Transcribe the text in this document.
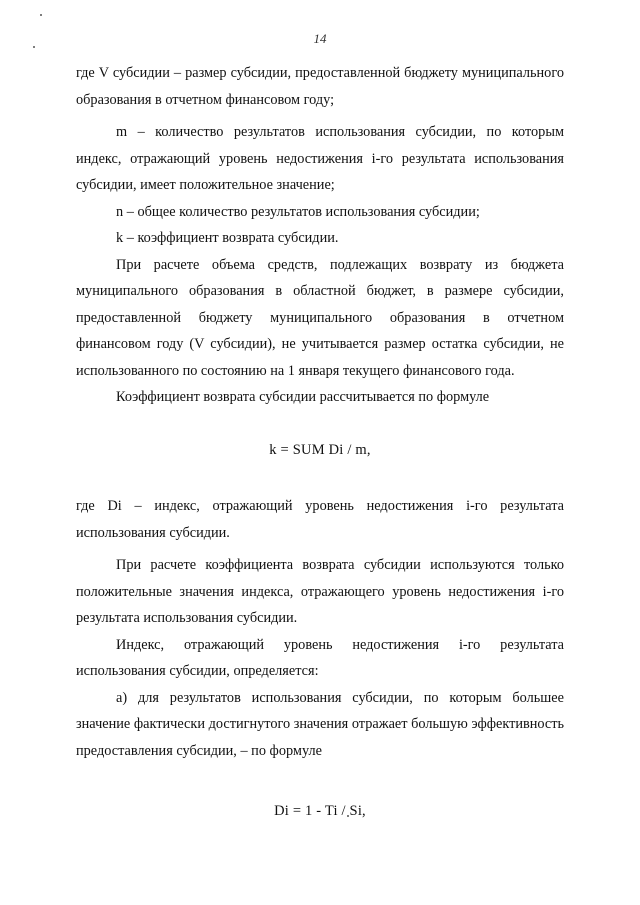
14

где V субсидии – размер субсидии, предоставленной бюджету муниципального образования в отчетном финансовом году;

m – количество результатов использования субсидии, по которым индекс, отражающий уровень недостижения i-го результата использования субсидии, имеет положительное значение;

n – общее количество результатов использования субсидии;

k – коэффициент возврата субсидии.

При расчете объема средств, подлежащих возврату из бюджета муниципального образования в областной бюджет, в размере субсидии, предоставленной бюджету муниципального образования в отчетном финансовом году (V субсидии), не учитывается размер остатка субсидии, не использованного по состоянию на 1 января текущего финансового года.

Коэффициент возврата субсидии рассчитывается по формуле

k = SUM Di / m,

где Di – индекс, отражающий уровень недостижения i-го результата использования субсидии.

При расчете коэффициента возврата субсидии используются только положительные значения индекса, отражающего уровень недостижения i-го результата использования субсидии.

Индекс, отражающий уровень недостижения i-го результата использования субсидии, определяется:

а) для результатов использования субсидии, по которым большее значение фактически достигнутого значения отражает большую эффективность предоставления субсидии, – по формуле

Di = 1 - Ti / Si,
